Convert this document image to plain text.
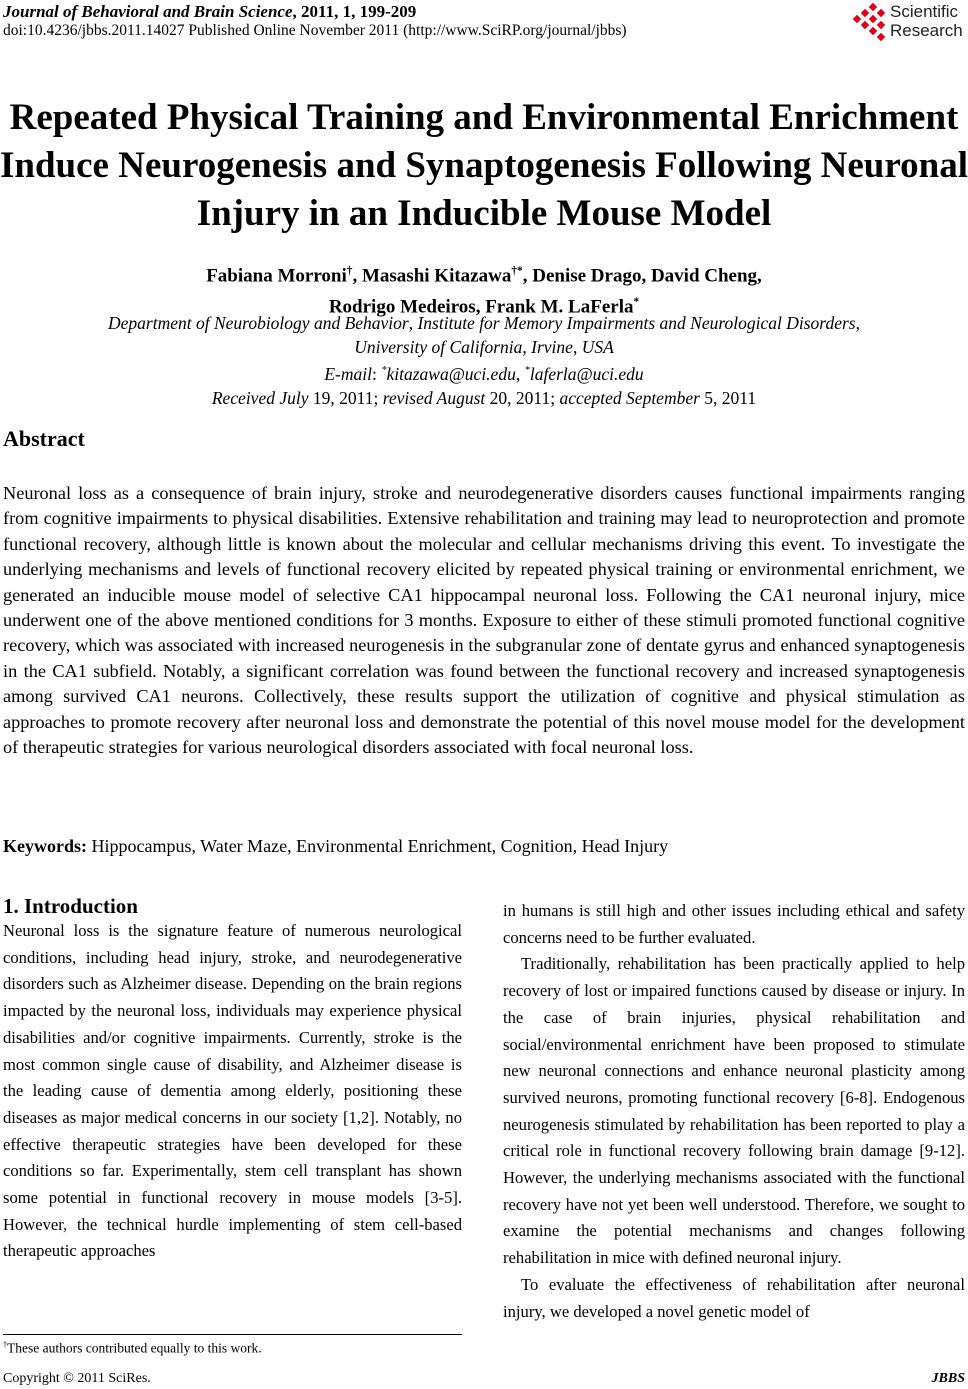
Journal of Behavioral and Brain Science, 2011, 1, 199-209
doi:10.4236/jbbs.2011.14027 Published Online November 2011 (http://www.SciRP.org/journal/jbbs)
Scientific
Research
Repeated Physical Training and Environmental Enrichment Induce Neurogenesis and Synaptogenesis Following Neuronal Injury in an Inducible Mouse Model
Fabiana Morroni†, Masashi Kitazawa†*, Denise Drago, David Cheng,
Rodrigo Medeiros, Frank M. LaFerla*
Department of Neurobiology and Behavior, Institute for Memory Impairments and Neurological Disorders,
University of California, Irvine, USA
E-mail: *kitazawa@uci.edu, *laferla@uci.edu
Received July 19, 2011; revised August 20, 2011; accepted September 5, 2011
Abstract

Neuronal loss as a consequence of brain injury, stroke and neurodegenerative disorders causes functional impairments ranging from cognitive impairments to physical disabilities. Extensive rehabilitation and training may lead to neuroprotection and promote functional recovery, although little is known about the molecular and cellular mechanisms driving this event. To investigate the underlying mechanisms and levels of functional recovery elicited by repeated physical training or environmental enrichment, we generated an inducible mouse model of selective CA1 hippocampal neuronal loss. Following the CA1 neuronal injury, mice underwent one of the above mentioned conditions for 3 months. Exposure to either of these stimuli promoted functional cognitive recovery, which was associated with increased neurogenesis in the subgranular zone of dentate gyrus and enhanced synaptogenesis in the CA1 subfield. Notably, a significant correlation was found between the functional recovery and increased synaptogenesis among survived CA1 neurons. Collectively, these results support the utilization of cognitive and physical stimulation as approaches to promote recovery after neuronal loss and demonstrate the potential of this novel mouse model for the development of therapeutic strategies for various neurological disorders associated with focal neuronal loss.

Keywords: Hippocampus, Water Maze, Environmental Enrichment, Cognition, Head Injury
1. Introduction

Neuronal loss is the signature feature of numerous neurological conditions, including head injury, stroke, and neurodegenerative disorders such as Alzheimer disease. Depending on the brain regions impacted by the neuronal loss, individuals may experience physical disabilities and/or cognitive impairments. Currently, stroke is the most common single cause of disability, and Alzheimer disease is the leading cause of dementia among elderly, positioning these diseases as major medical concerns in our society [1,2]. Notably, no effective therapeutic strategies have been developed for these conditions so far. Experimentally, stem cell transplant has shown some potential in functional recovery in mouse models [3-5]. However, the technical hurdle implementing of stem cell-based therapeutic approaches

in humans is still high and other issues including ethical and safety concerns need to be further evaluated.

Traditionally, rehabilitation has been practically applied to help recovery of lost or impaired functions caused by disease or injury. In the case of brain injuries, physical rehabilitation and social/environmental enrichment have been proposed to stimulate new neuronal connections and enhance neuronal plasticity among survived neurons, promoting functional recovery [6-8]. Endogenous neurogenesis stimulated by rehabilitation has been reported to play a critical role in functional recovery following brain damage [9-12]. However, the underlying mechanisms associated with the functional recovery have not yet been well understood. Therefore, we sought to examine the potential mechanisms and changes following rehabilitation in mice with defined neuronal injury.

To evaluate the effectiveness of rehabilitation after neuronal injury, we developed a novel genetic model of

†These authors contributed equally to this work.
Copyright © 2011 SciRes.	JBBS
